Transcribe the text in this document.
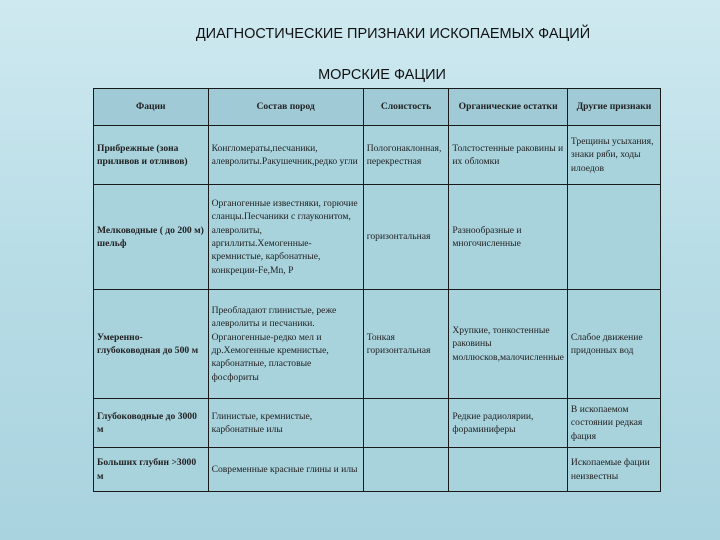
ДИАГНОСТИЧЕСКИЕ ПРИЗНАКИ ИСКОПАЕМЫХ ФАЦИЙ
МОРСКИЕ ФАЦИИ
Фации	Состав пород	Слоистость	Органические остатки	Другие признаки
Прибрежные (зона приливов и отливов)	Конгломераты,песчаники, алевролиты.Ракушечник,редко угли	Пологонаклонная, перекрестная	Толстостенные раковины и их обломки	Трещины усыхания, знаки ряби, ходы илоедов
Мелководные ( до 200 м) шельф	Органогенные известняки, горючие сланцы.Песчаники с глауконитом, алевролиты, аргиллиты.Хемогенные-кремнистые, карбонатные, конкреции-Fe,Mn, P	горизонтальная	Разнообразные и многочисленные	
Умеренно-глубоководная до 500 м	Преобладают глинистые, реже алевролиты и песчаники. Органогенные-редко мел и др.Хемогенные кремнистые, карбонатные, пластовые фосфориты	Тонкая горизонтальная	Хрупкие, тонкостенные раковины моллюсков,малочисленные	Слабое движение придонных вод
Глубоководные до 3000 м	Глинистые, кремнистые, карбонатные илы		Редкие радиолярии, фораминиферы	В ископаемом состоянии редкая фация
Больших глубин >3000 м	Современные красные глины и илы			Ископаемые фации неизвестны
